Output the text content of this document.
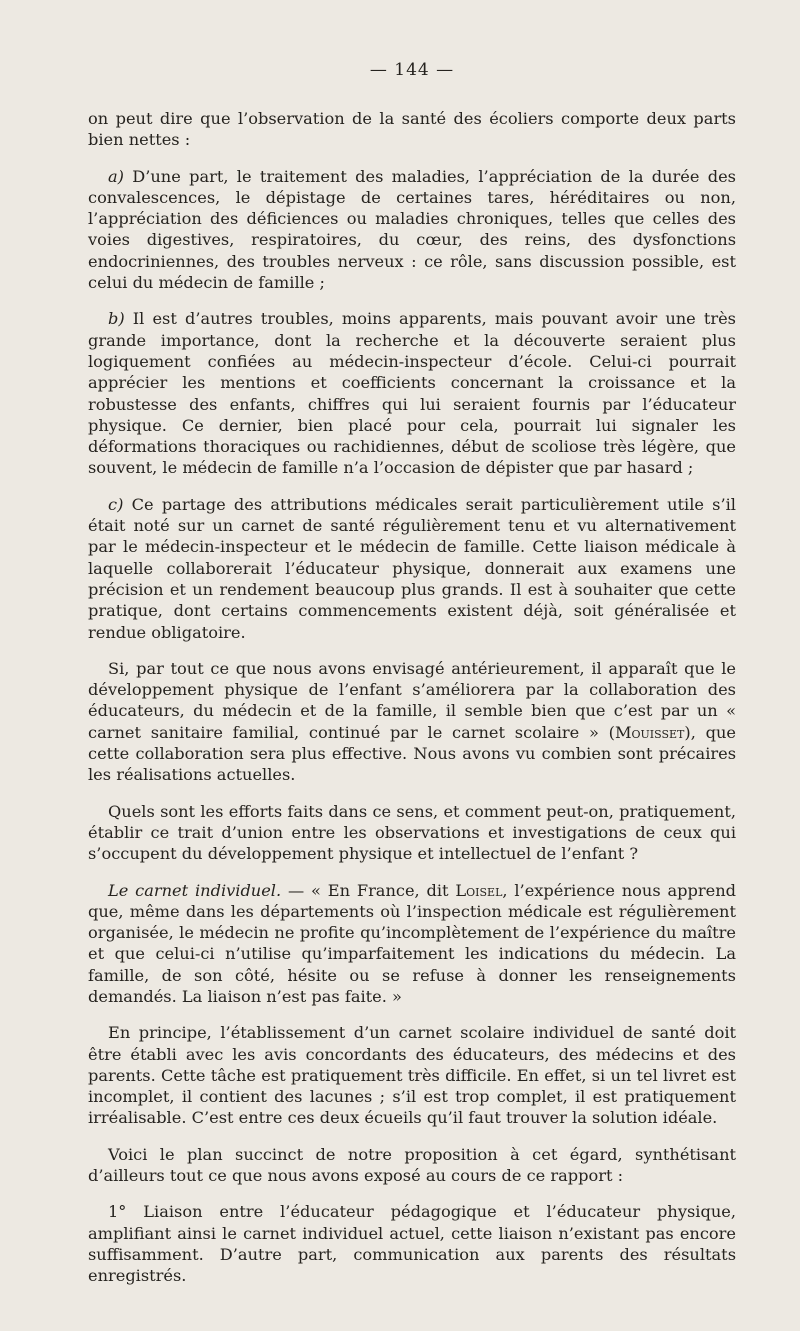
— 144 —

on peut dire que l’observation de la santé des écoliers comporte deux parts bien nettes :

a) D’une part, le traitement des maladies, l’appréciation de la durée des convalescences, le dépistage de certaines tares, héréditaires ou non, l’appréciation des déficiences ou maladies chroniques, telles que celles des voies digestives, respiratoires, du cœur, des reins, des dysfonctions endocriniennes, des troubles nerveux : ce rôle, sans discussion possible, est celui du médecin de famille ;

b) Il est d’autres troubles, moins apparents, mais pouvant avoir une très grande importance, dont la recherche et la découverte seraient plus logiquement confiées au médecin-inspecteur d’école. Celui-ci pourrait apprécier les mentions et coefficients concernant la croissance et la robustesse des enfants, chiffres qui lui seraient fournis par l’éducateur physique. Ce dernier, bien placé pour cela, pourrait lui signaler les déformations thoraciques ou rachidiennes, début de scoliose très légère, que souvent, le médecin de famille n’a l’occasion de dépister que par hasard ;

c) Ce partage des attributions médicales serait particulièrement utile s’il était noté sur un carnet de santé régulièrement tenu et vu alternativement par le médecin-inspecteur et le médecin de famille. Cette liaison médicale à laquelle collaborerait l’éducateur physique, donnerait aux examens une précision et un rendement beaucoup plus grands. Il est à souhaiter que cette pratique, dont certains commencements existent déjà, soit généralisée et rendue obligatoire.

Si, par tout ce que nous avons envisagé antérieurement, il apparaît que le développement physique de l’enfant s’améliorera par la collaboration des éducateurs, du médecin et de la famille, il semble bien que c’est par un « carnet sanitaire familial, continué par le carnet scolaire » (Mouisset), que cette collaboration sera plus effective. Nous avons vu combien sont précaires les réalisations actuelles.

Quels sont les efforts faits dans ce sens, et comment peut-on, pratiquement, établir ce trait d’union entre les observations et investigations de ceux qui s’occupent du développement physique et intellectuel de l’enfant ?

Le carnet individuel. — « En France, dit Loisel, l’expérience nous apprend que, même dans les départements où l’inspection médicale est régulièrement organisée, le médecin ne profite qu’incomplètement de l’expérience du maître et que celui-ci n’utilise qu’imparfaitement les indications du médecin. La famille, de son côté, hésite ou se refuse à donner les renseignements demandés. La liaison n’est pas faite. »

En principe, l’établissement d’un carnet scolaire individuel de santé doit être établi avec les avis concordants des éducateurs, des médecins et des parents. Cette tâche est pratiquement très difficile. En effet, si un tel livret est incomplet, il contient des lacunes ; s’il est trop complet, il est pratiquement irréalisable. C’est entre ces deux écueils qu’il faut trouver la solution idéale.

Voici le plan succinct de notre proposition à cet égard, synthétisant d’ailleurs tout ce que nous avons exposé au cours de ce rapport :

1° Liaison entre l’éducateur pédagogique et l’éducateur physique, amplifiant ainsi le carnet individuel actuel, cette liaison n’existant pas encore suffisamment. D’autre part, communication aux parents des résultats enregistrés.
